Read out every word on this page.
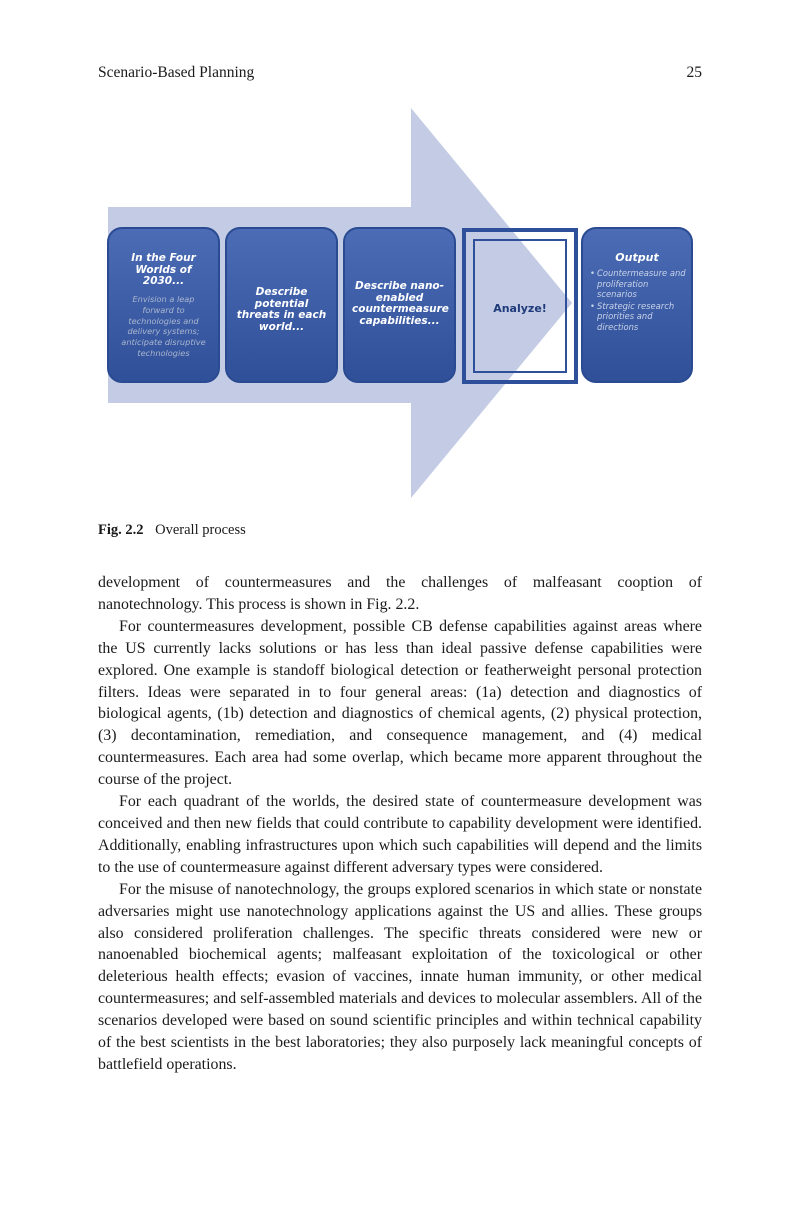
Scenario-Based Planning	25
In the Four Worlds of 2030...
Envision a leap forward to technologies and delivery systems; anticipate disruptive technologies
Describe potential threats in each world...
Describe nano-enabled countermeasure capabilities...
Analyze!
Output
• Countermeasure and proliferation scenarios
• Strategic research priorities and directions
Fig. 2.2 Overall process

development of countermeasures and the challenges of malfeasant cooption of nanotechnology. This process is shown in Fig. 2.2.

For countermeasures development, possible CB defense capabilities against areas where the US currently lacks solutions or has less than ideal passive defense capabilities were explored. One example is standoff biological detection or featherweight personal protection filters. Ideas were separated in to four general areas: (1a) detection and diagnostics of biological agents, (1b) detection and diagnostics of chemical agents, (2) physical protection, (3) decontamination, remediation, and consequence management, and (4) medical countermeasures. Each area had some overlap, which became more apparent throughout the course of the project.

For each quadrant of the worlds, the desired state of countermeasure development was conceived and then new fields that could contribute to capability development were identified. Additionally, enabling infrastructures upon which such capabilities will depend and the limits to the use of countermeasure against different adversary types were considered.

For the misuse of nanotechnology, the groups explored scenarios in which state or nonstate adversaries might use nanotechnology applications against the US and allies. These groups also considered proliferation challenges. The specific threats considered were new or nanoenabled biochemical agents; malfeasant exploitation of the toxicological or other deleterious health effects; evasion of vaccines, innate human immunity, or other medical countermeasures; and self-assembled materials and devices to molecular assemblers. All of the scenarios developed were based on sound scientific principles and within technical capability of the best scientists in the best laboratories; they also purposely lack meaningful concepts of battlefield operations.
